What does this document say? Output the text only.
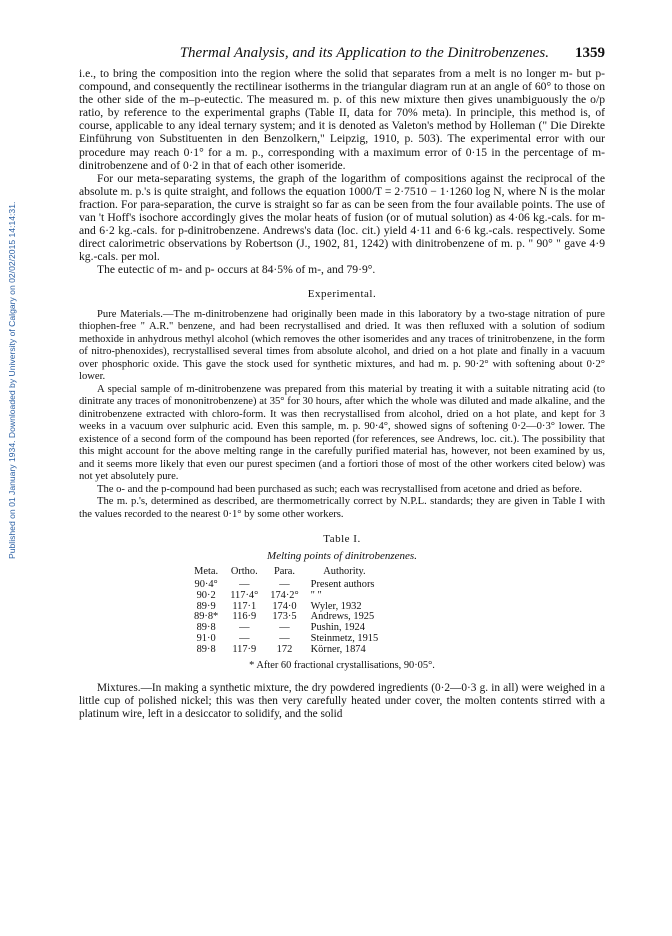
Published on 01 January 1934. Downloaded by University of Calgary on 02/02/2015 14:14:31.
Thermal Analysis, and its Application to the Dinitrobenzenes. 1359

i.e., to bring the composition into the region where the solid that separates from a melt is no longer m- but p-compound, and consequently the rectilinear isotherms in the triangular diagram run at an angle of 60° to those on the other side of the m–p-eutectic. The measured m. p. of this new mixture then gives unambiguously the o/p ratio, by reference to the experimental graphs (Table II, data for 70% meta). In principle, this method is, of course, applicable to any ideal ternary system; and it is denoted as Valeton's method by Holleman (" Die Direkte Einführung von Substituenten in den Benzolkern," Leipzig, 1910, p. 503). The experimental error with our procedure may reach 0·1° for a m. p., corresponding with a maximum error of 0·15 in the percentage of m-dinitrobenzene and of 0·2 in that of each other isomeride.

For our meta-separating systems, the graph of the logarithm of compositions against the reciprocal of the absolute m. p.'s is quite straight, and follows the equation 1000/T = 2·7510 − 1·1260 log N, where N is the molar fraction. For para-separation, the curve is straight so far as can be seen from the four available points. The use of van 't Hoff's isochore accordingly gives the molar heats of fusion (or of mutual solution) as 4·06 kg.-cals. for m- and 6·2 kg.-cals. for p-dinitrobenzene. Andrews's data (loc. cit.) yield 4·11 and 6·6 kg.-cals. respectively. Some direct calorimetric observations by Robertson (J., 1902, 81, 1242) with dinitrobenzene of m. p. " 90° " gave 4·9 kg.-cals. per mol.

The eutectic of m- and p- occurs at 84·5% of m-, and 79·9°.

Experimental.

Pure Materials.—The m-dinitrobenzene had originally been made in this laboratory by a two-stage nitration of pure thiophen-free " A.R." benzene, and had been recrystallised and dried. It was then refluxed with a solution of sodium methoxide in anhydrous methyl alcohol (which removes the other isomerides and any traces of trinitrobenzene, in the form of nitro-phenoxides), recrystallised several times from absolute alcohol, and dried on a hot plate and finally in a vacuum over phosphoric oxide. This gave the stock used for synthetic mixtures, and had m. p. 90·2° with softening about 0·2° lower.

A special sample of m-dinitrobenzene was prepared from this material by treating it with a suitable nitrating acid (to dinitrate any traces of mononitrobenzene) at 35° for 30 hours, after which the whole was diluted and made alkaline, and the dinitrobenzene extracted with chloro-form. It was then recrystallised from alcohol, dried on a hot plate, and kept for 3 weeks in a vacuum over sulphuric acid. Even this sample, m. p. 90·4°, showed signs of softening 0·2—0·3° lower. The existence of a second form of the compound has been reported (for references, see Andrews, loc. cit.). The possibility that this might account for the above melting range in the carefully purified material has, however, not been examined by us, and it seems more likely that even our purest specimen (and a fortiori those of most of the other workers cited below) was not yet absolutely pure.

The o- and the p-compound had been purchased as such; each was recrystallised from acetone and dried as before.

The m. p.'s, determined as described, are thermometrically correct by N.P.L. standards; they are given in Table I with the values recorded to the nearest 0·1° by some other workers.

Table I.
Melting points of dinitrobenzenes.
Meta.	Ortho.	Para.	Authority.
90·4°	—	—	Present authors
90·2	117·4°	174·2°	" "
89·9	117·1	174·0	Wyler, 1932
89·8*	116·9	173·5	Andrews, 1925
89·8	—	—	Pushin, 1924
91·0	—	—	Steinmetz, 1915
89·8	117·9	172	Körner, 1874
* After 60 fractional crystallisations, 90·05°.

Mixtures.—In making a synthetic mixture, the dry powdered ingredients (0·2—0·3 g. in all) were weighed in a little cup of polished nickel; this was then very carefully heated under cover, the molten contents stirred with a platinum wire, left in a desiccator to solidify, and the solid
